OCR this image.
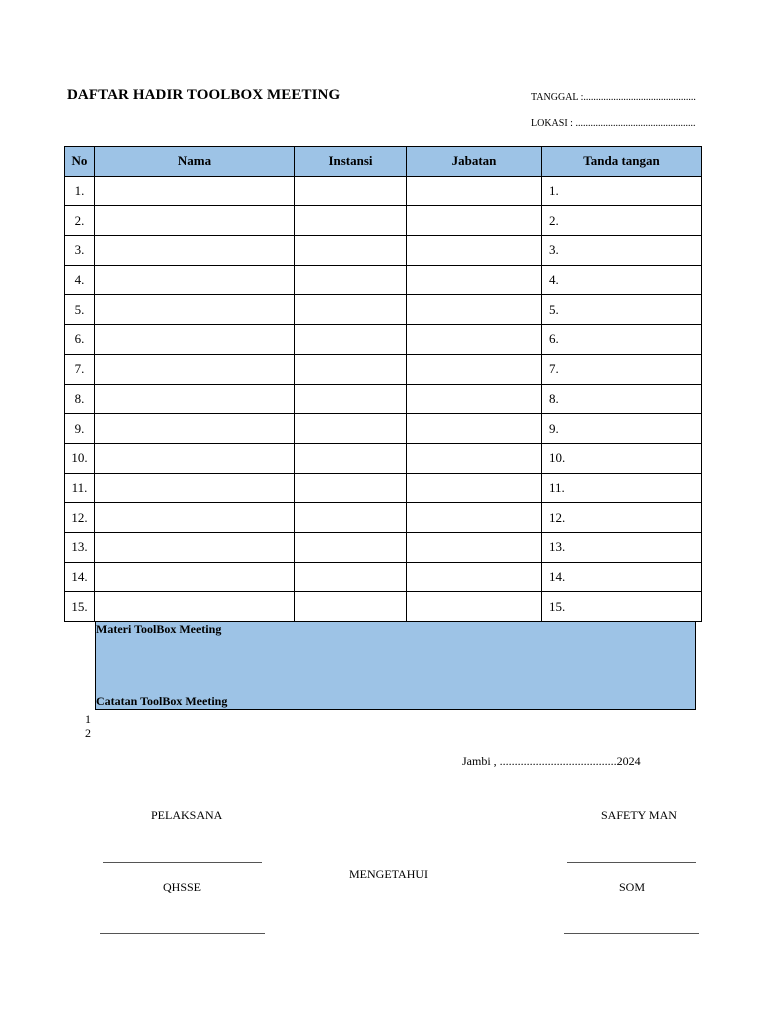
DAFTAR HADIR TOOLBOX MEETING	TANGGAL :.............................................
LOKASI : ................................................
No	Nama	Instansi	Jabatan	Tanda tangan
1.				1.
2.				2.
3.				3.
4.				4.
5.				5.
6.				6.
7.				7.
8.				8.
9.				9.
10.				10.
11.				11.
12.				12.
13.				13.
14.				14.
15.				15.
Materi ToolBox Meeting
Catatan ToolBox Meeting
1
2
Jambi , .......................................2024
PELAKSANA	SAFETY MAN
MENGETAHUI
QHSSE	SOM
